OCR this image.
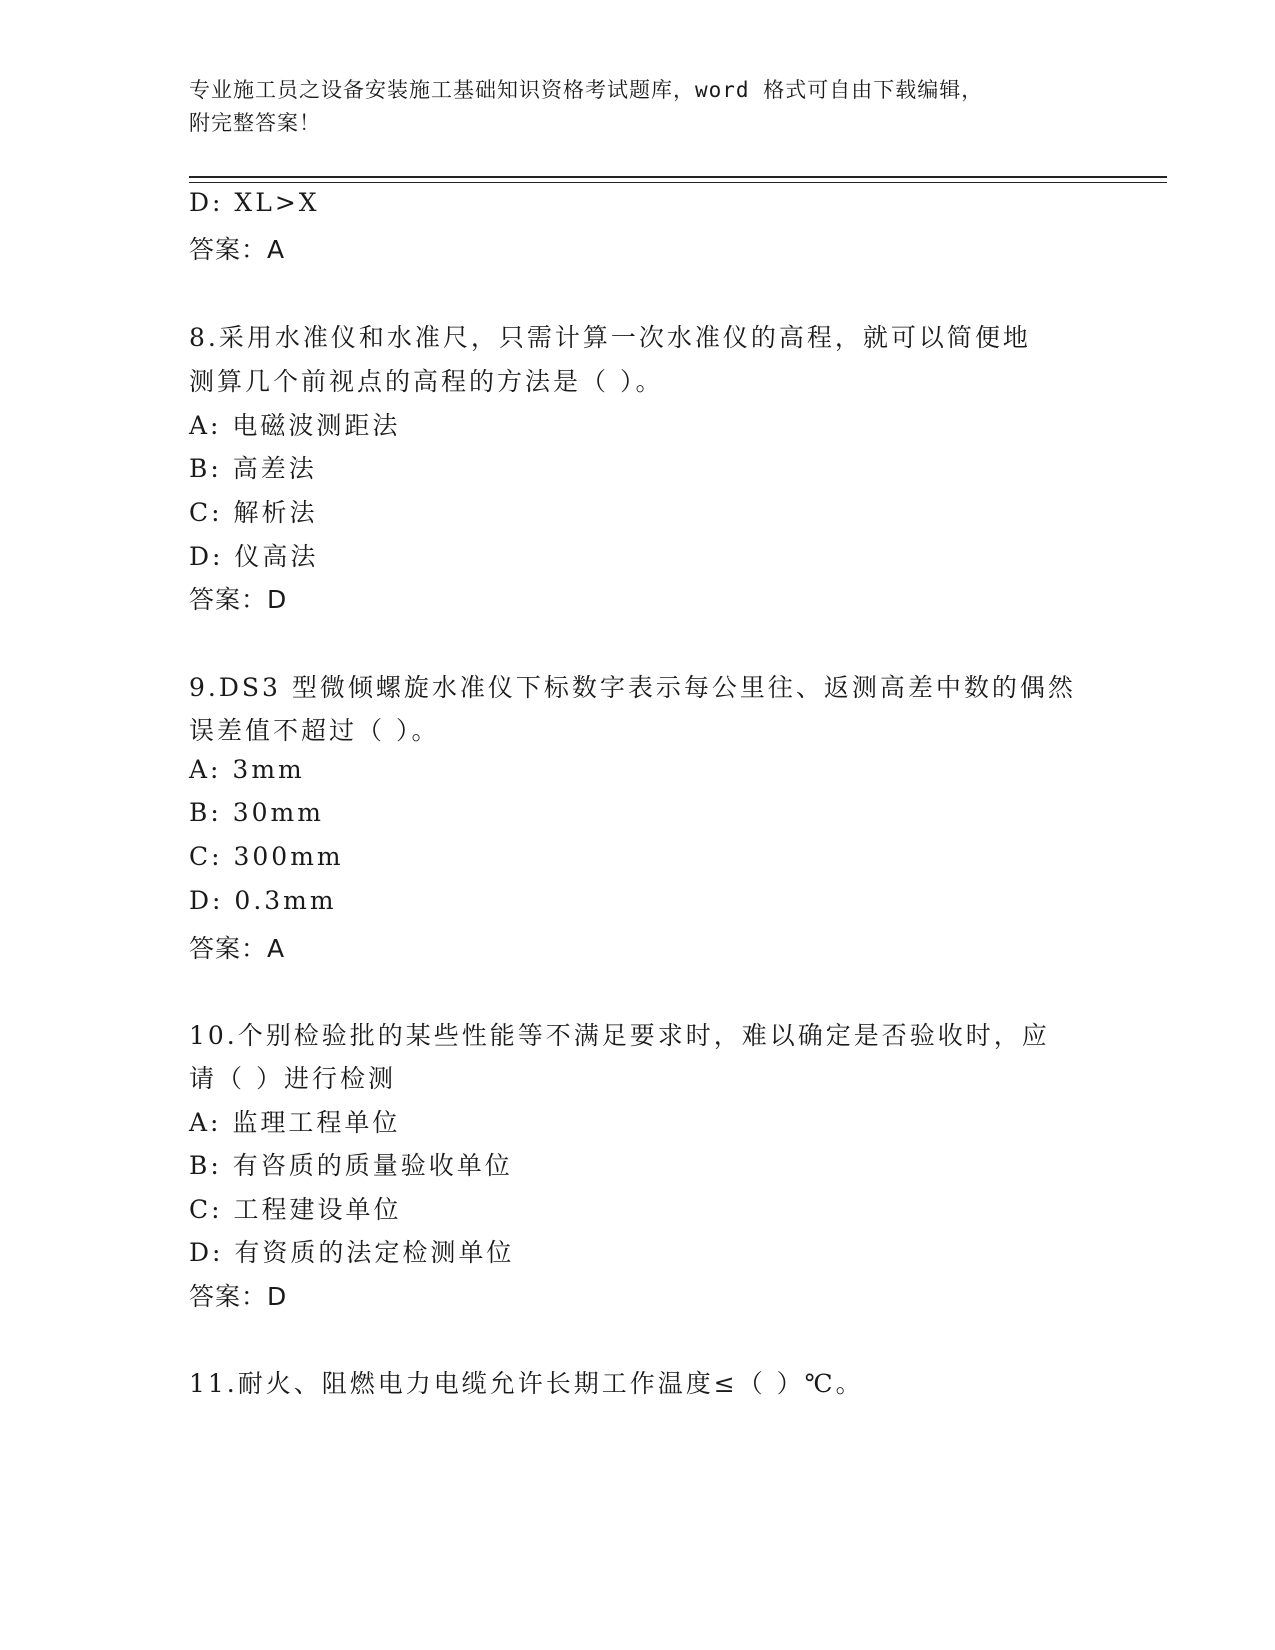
专业施工员之设备安装施工基础知识资格考试题库，word 格式可自由下载编辑，
附完整答案！
D: XL>X
答案：A
8.采用水准仪和水准尺，只需计算一次水准仪的高程，就可以简便地
测算几个前视点的高程的方法是（ ）。
A: 电磁波测距法
B: 高差法
C: 解析法
D: 仪高法
答案：D
9.DS3 型微倾螺旋水准仪下标数字表示每公里往、返测高差中数的偶然
误差值不超过（ ）。
A: 3mm
B: 30mm
C: 300mm
D: 0.3mm
答案：A
10.个别检验批的某些性能等不满足要求时，难以确定是否验收时，应
请（ ）进行检测
A: 监理工程单位
B: 有咨质的质量验收单位
C: 工程建设单位
D: 有资质的法定检测单位
答案：D
11.耐火、阻燃电力电缆允许长期工作温度≤（ ）℃。
